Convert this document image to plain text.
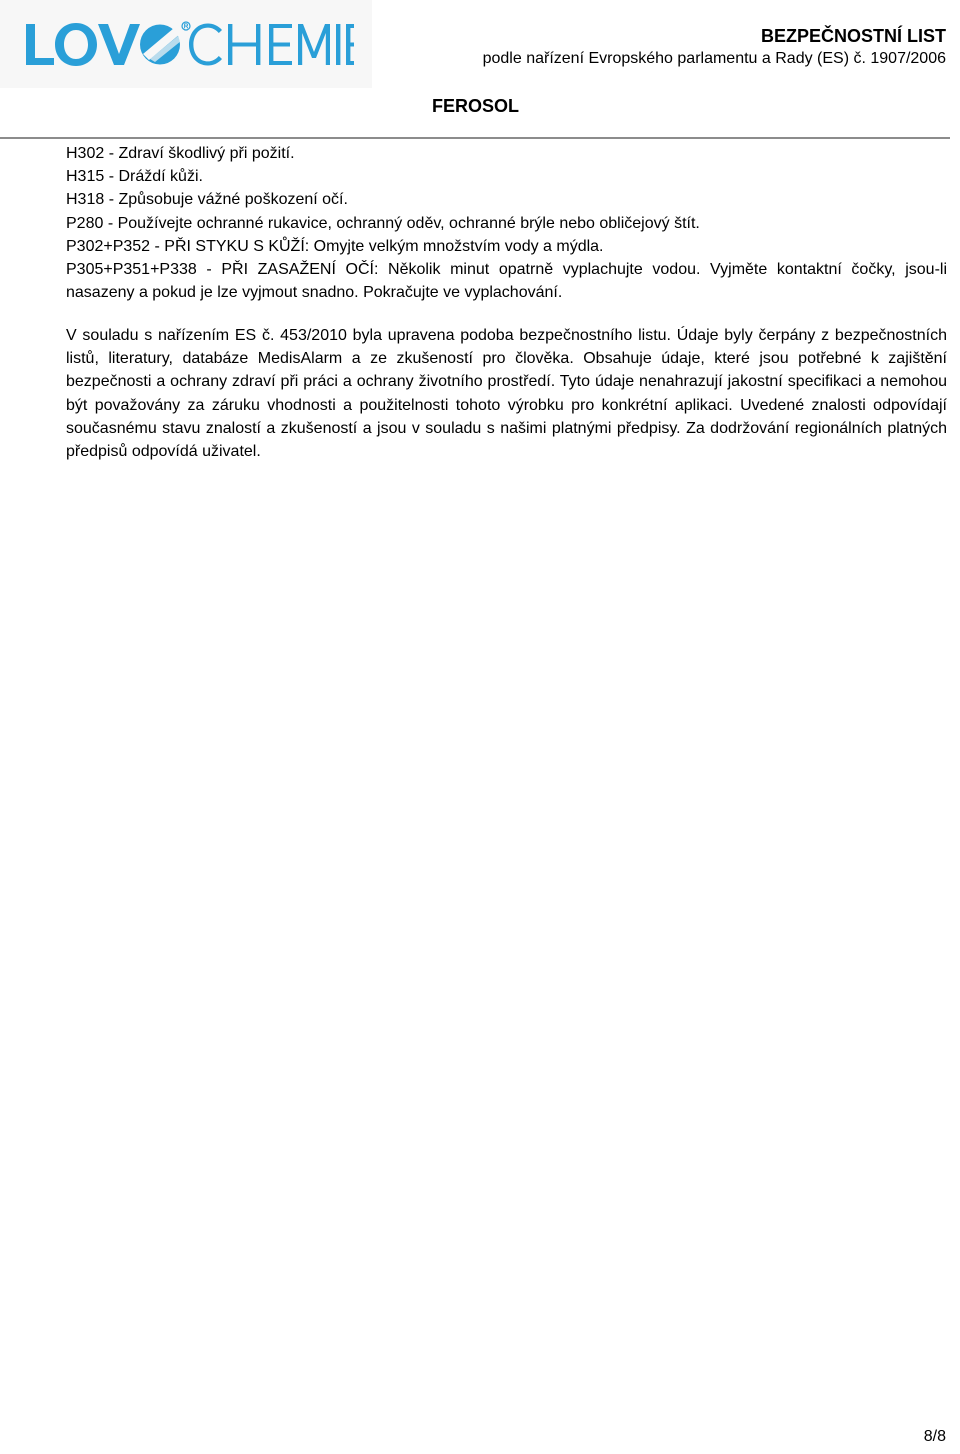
BEZPEČNOSTNÍ LIST
podle nařízení Evropského parlamentu a Rady (ES) č. 1907/2006
FEROSOL
H302 - Zdraví škodlivý při požití.
H315 - Dráždí kůži.
H318 - Způsobuje vážné poškození očí.
P280 - Používejte ochranné rukavice, ochranný oděv, ochranné brýle nebo obličejový štít.
P302+P352 - PŘI STYKU S KŮŽÍ: Omyjte velkým množstvím vody a mýdla.
P305+P351+P338 - PŘI ZASAŽENÍ OČÍ: Několik minut opatrně vyplachujte vodou. Vyjměte kontaktní čočky, jsou-li nasazeny a pokud je lze vyjmout snadno. Pokračujte ve vyplachování.

V souladu s nařízením ES č. 453/2010 byla upravena podoba bezpečnostního listu. Údaje byly čerpány z bezpečnostních listů, literatury, databáze MedisAlarm a ze zkušeností pro člověka. Obsahuje údaje, které jsou potřebné k zajištění bezpečnosti a ochrany zdraví při práci a ochrany životního prostředí. Tyto údaje nenahrazují jakostní specifikaci a nemohou být považovány za záruku vhodnosti a použitelnosti tohoto výrobku pro konkrétní aplikaci. Uvedené znalosti odpovídají současnému stavu znalostí a zkušeností a jsou v souladu s našimi platnými předpisy. Za dodržování regionálních platných předpisů odpovídá uživatel.

8/8
